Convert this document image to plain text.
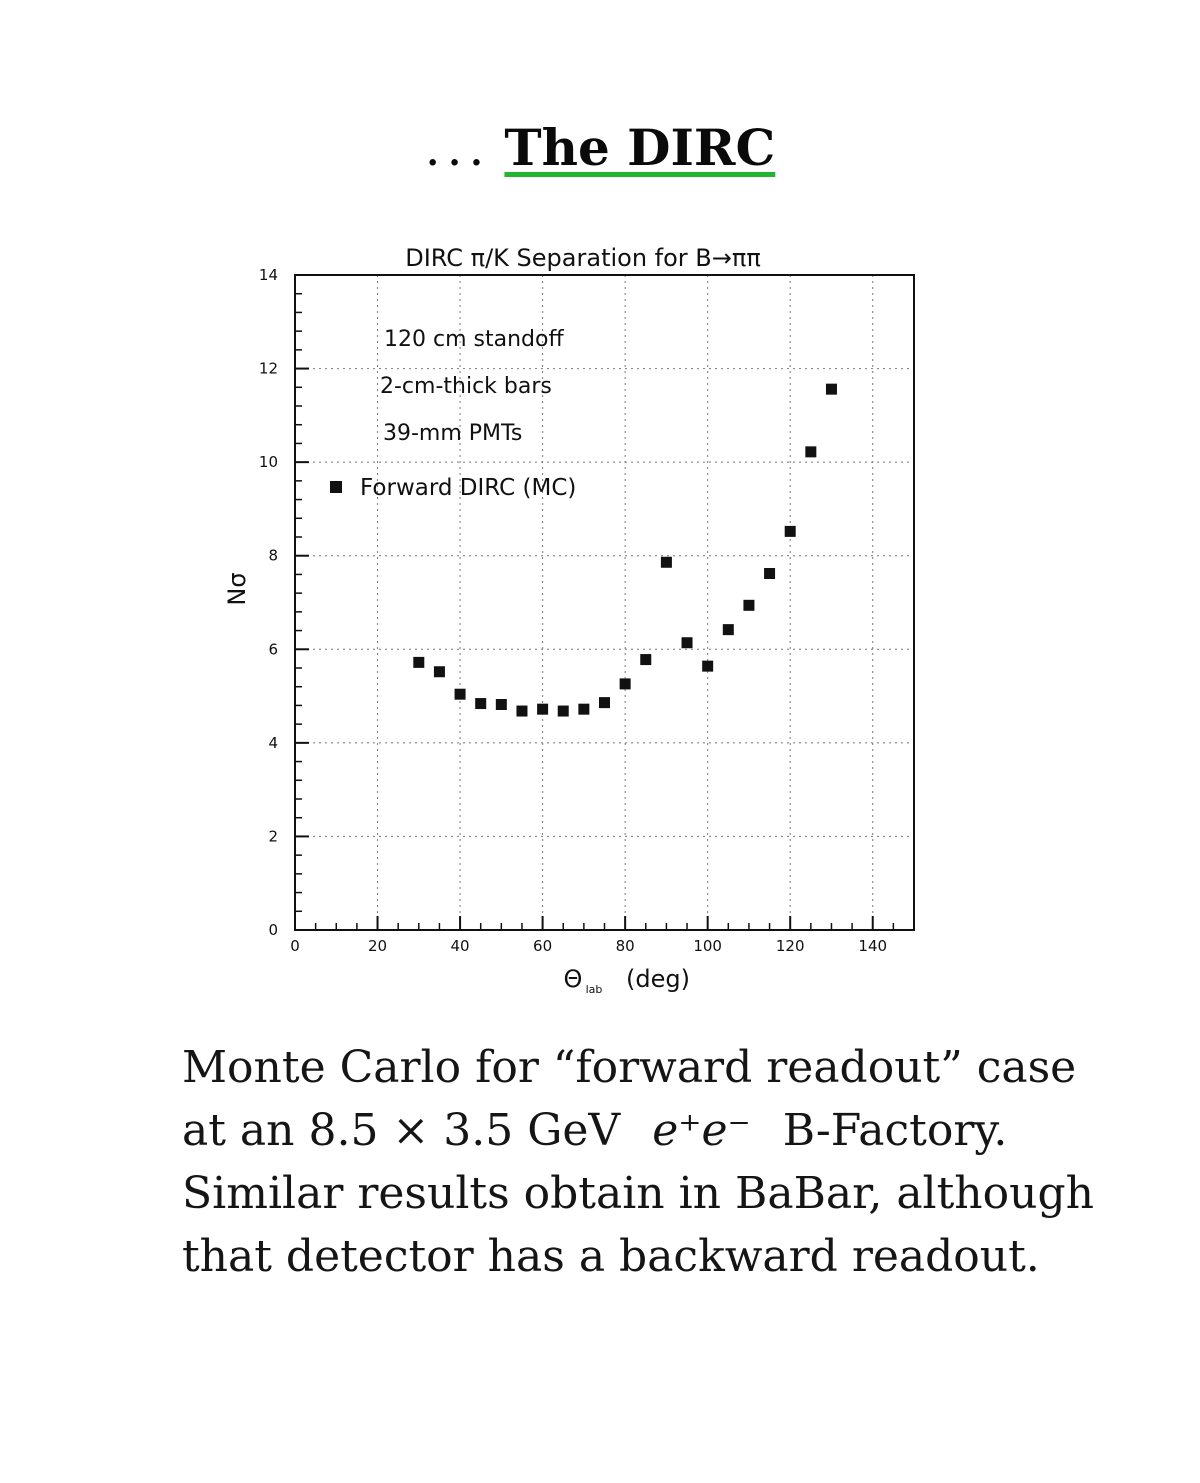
... The DIRC
0	20	40	60	80	100	120	140
0
2
4
6
8
10
12
14
DIRC π/K Separation for B→ππ
120 cm standoff
2-cm-thick bars
39-mm PMTs
Forward DIRC (MC)
Nσ
Θ lab (deg)
Monte Carlo for “forward readout” case
at an 8.5 × 3.5 GeV e⁺e⁻ B-Factory.
Similar results obtain in BaBar, although
that detector has a backward readout.
